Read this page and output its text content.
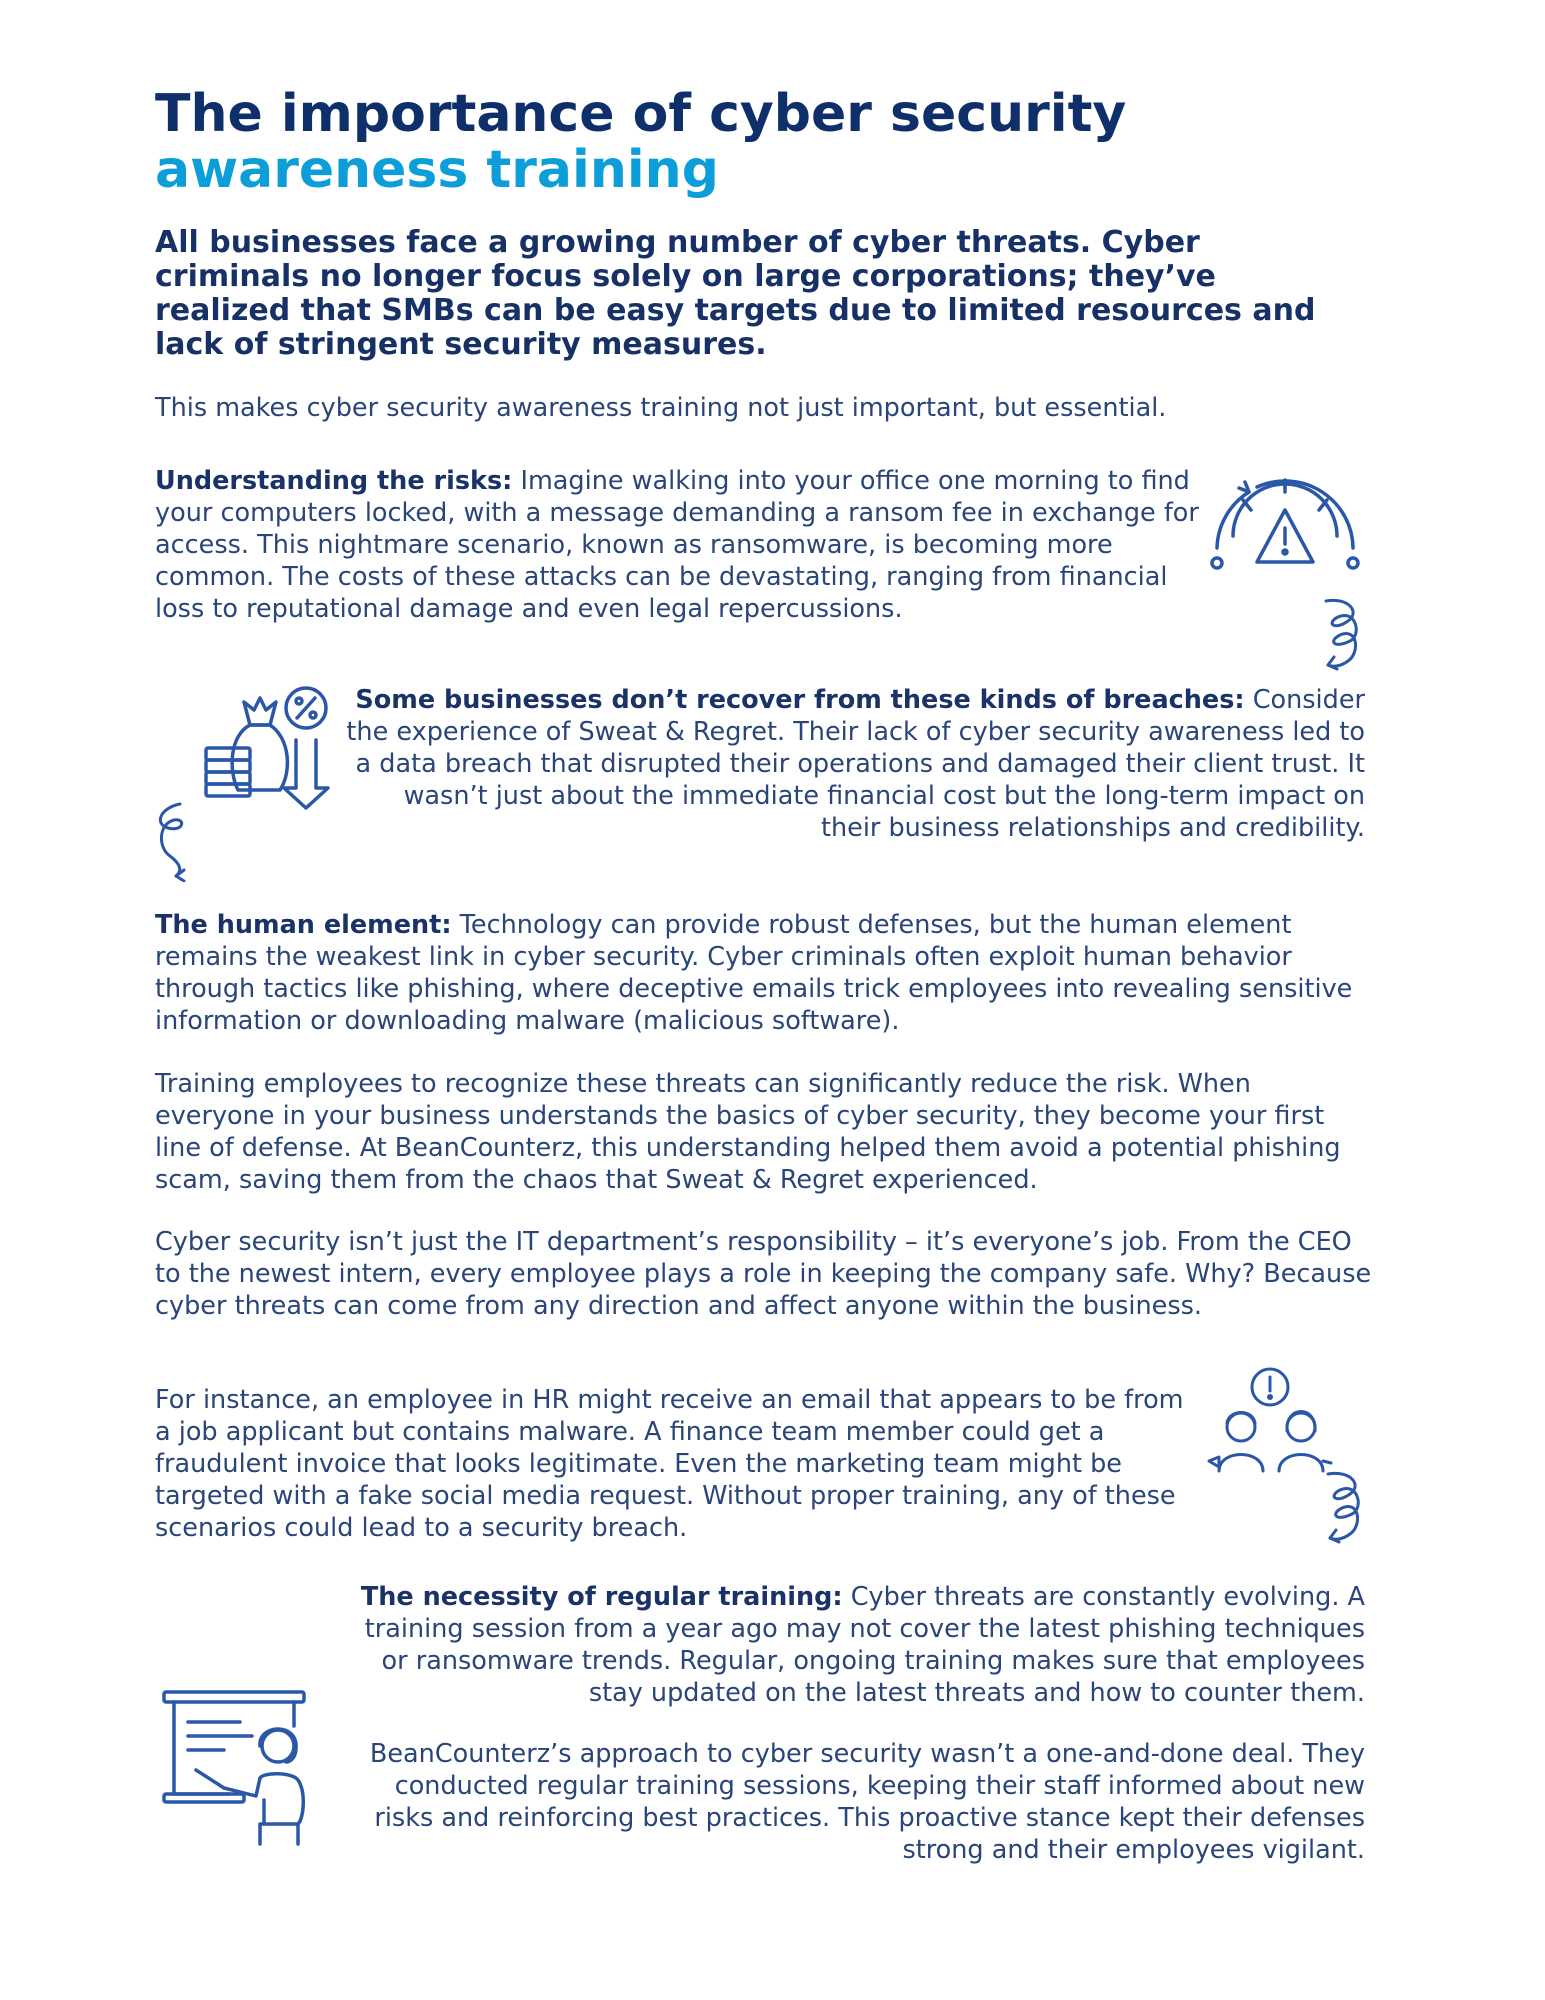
The importance of cyber security
awareness training

All businesses face a growing number of cyber threats. Cyber criminals no longer focus solely on large corporations; they’ve realized that SMBs can be easy targets due to limited resources and lack of stringent security measures.

This makes cyber security awareness training not just important, but essential.

Understanding the risks: Imagine walking into your office one morning to find your computers locked, with a message demanding a ransom fee in exchange for access. This nightmare scenario, known as ransomware, is becoming more common. The costs of these attacks can be devastating, ranging from financial loss to reputational damage and even legal repercussions.

Some businesses don’t recover from these kinds of breaches: Consider the experience of Sweat & Regret. Their lack of cyber security awareness led to a data breach that disrupted their operations and damaged their client trust. It wasn’t just about the immediate financial cost but the long-term impact on their business relationships and credibility.

The human element: Technology can provide robust defenses, but the human element remains the weakest link in cyber security. Cyber criminals often exploit human behavior through tactics like phishing, where deceptive emails trick employees into revealing sensitive information or downloading malware (malicious software).

Training employees to recognize these threats can significantly reduce the risk. When everyone in your business understands the basics of cyber security, they become your first line of defense. At BeanCounterz, this understanding helped them avoid a potential phishing scam, saving them from the chaos that Sweat & Regret experienced.

Cyber security isn’t just the IT department’s responsibility – it’s everyone’s job. From the CEO to the newest intern, every employee plays a role in keeping the company safe. Why? Because cyber threats can come from any direction and affect anyone within the business.

For instance, an employee in HR might receive an email that appears to be from a job applicant but contains malware. A finance team member could get a fraudulent invoice that looks legitimate. Even the marketing team might be targeted with a fake social media request. Without proper training, any of these scenarios could lead to a security breach.

The necessity of regular training: Cyber threats are constantly evolving. A training session from a year ago may not cover the latest phishing techniques or ransomware trends. Regular, ongoing training makes sure that employees stay updated on the latest threats and how to counter them.

BeanCounterz’s approach to cyber security wasn’t a one-and-done deal. They conducted regular training sessions, keeping their staff informed about new risks and reinforcing best practices. This proactive stance kept their defenses strong and their employees vigilant.
